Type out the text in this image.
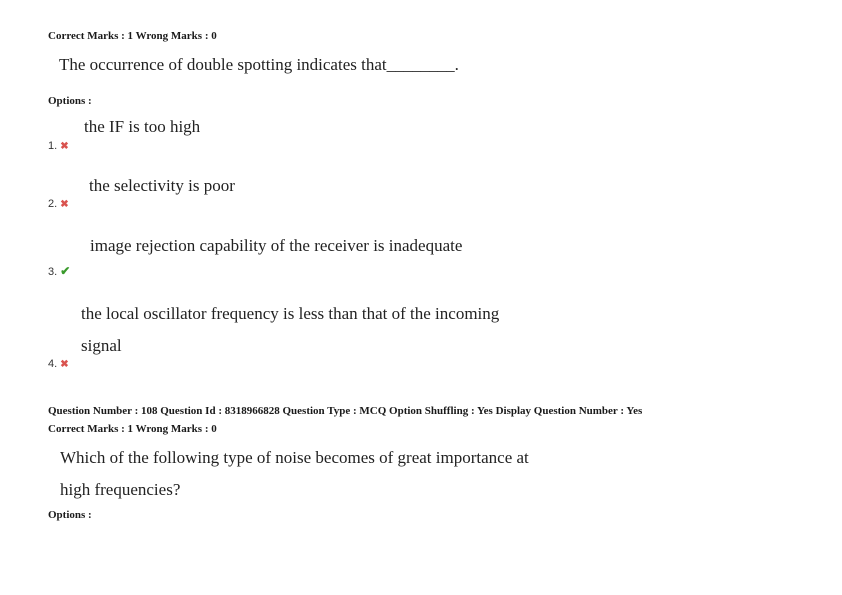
Correct Marks : 1 Wrong Marks : 0
The occurrence of double spotting indicates that________.
Options :
the IF is too high
1. ✖
the selectivity is poor
2. ✖
image rejection capability of the receiver is inadequate
3. ✔
the local oscillator frequency is less than that of the incoming
signal
4. ✖
Question Number : 108 Question Id : 8318966828 Question Type : MCQ Option Shuffling : Yes Display Question Number : Yes
Correct Marks : 1 Wrong Marks : 0
Which of the following type of noise becomes of great importance at
high frequencies?
Options :
